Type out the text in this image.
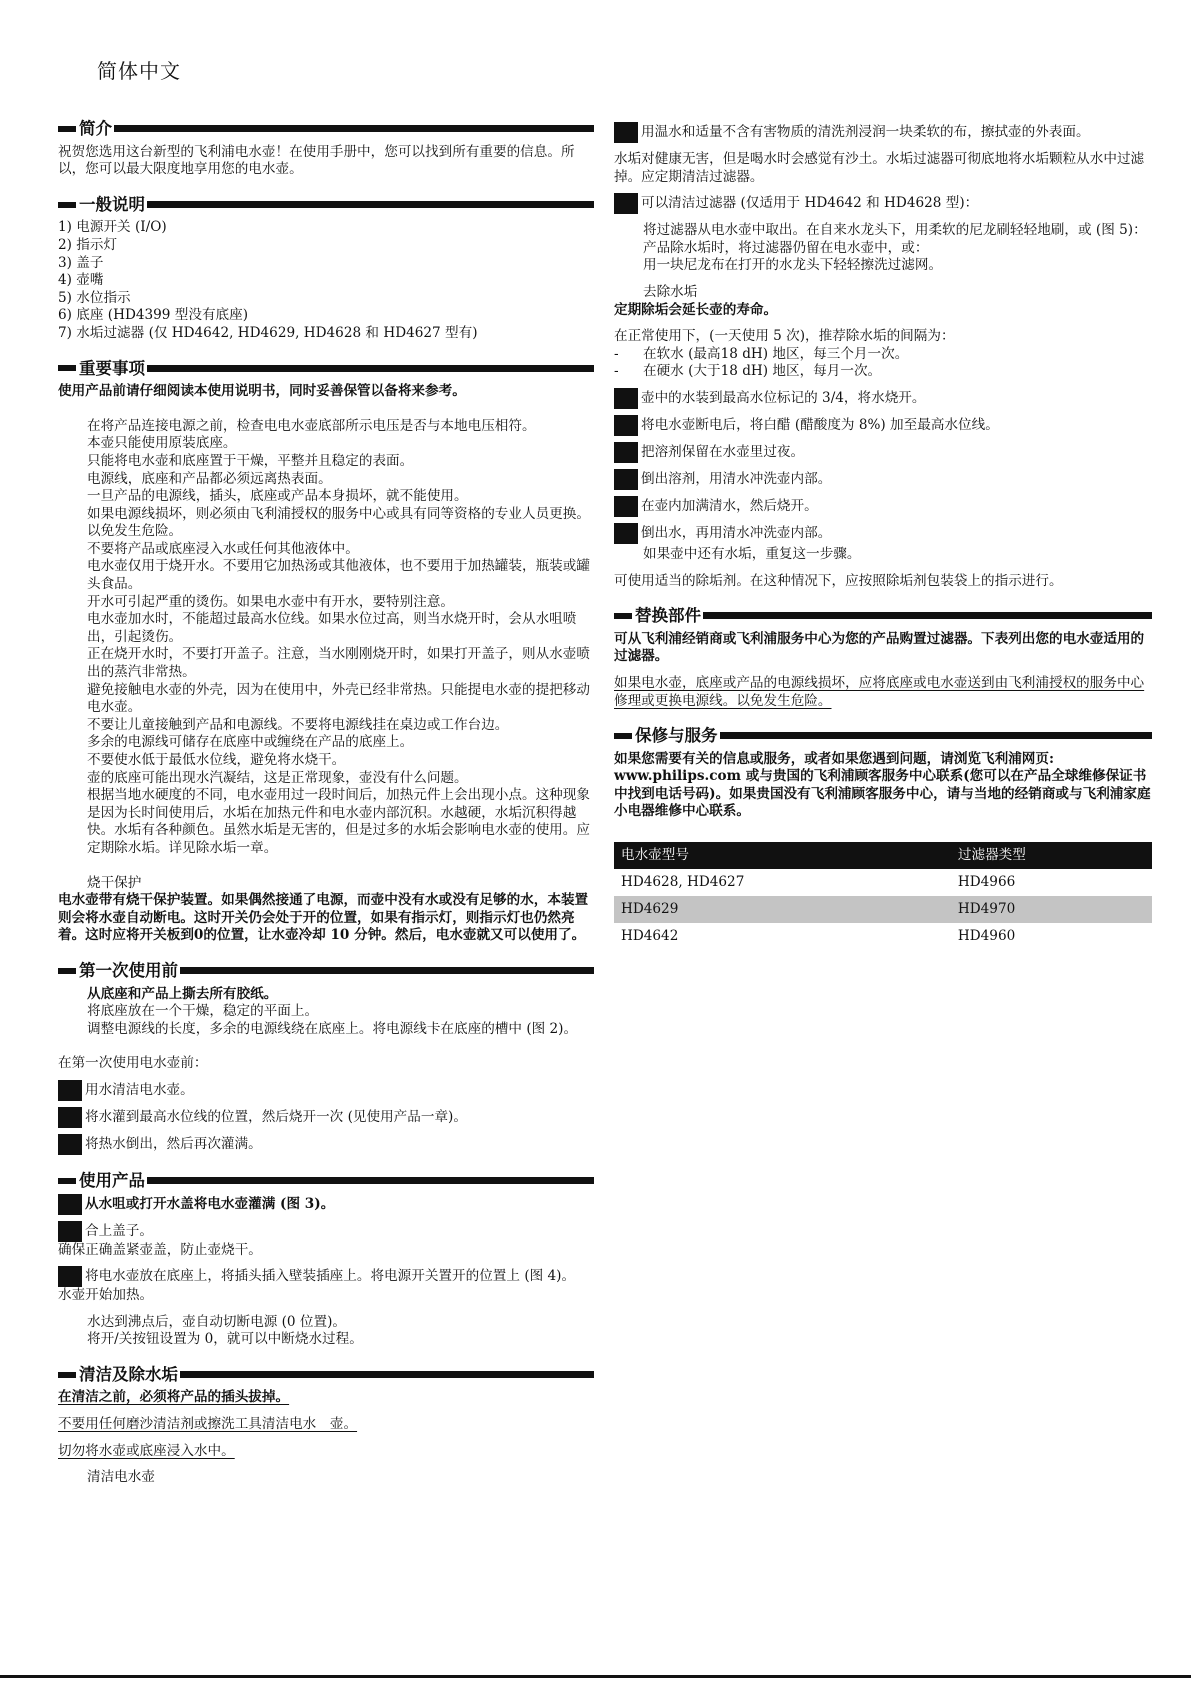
简体中文
简介

祝贺您选用这台新型的飞利浦电水壶！在使用手册中，您可以找到所有重要的信息。所以，您可以最大限度地享用您的电水壶。

一般说明

1) 电源开关 (I/O)

2) 指示灯

3) 盖子

4) 壶嘴

5) 水位指示

6) 底座 (HD4399 型没有底座)

7) 水垢过滤器 (仅 HD4642, HD4629, HD4628 和 HD4627 型有)

重要事项

使用产品前请仔细阅读本使用说明书，同时妥善保管以备将来参考。

在将产品连接电源之前，检查电电水壶底部所示电压是否与本地电压相符。

本壶只能使用原装底座。

只能将电水壶和底座置于干燥，平整并且稳定的表面。

电源线，底座和产品都必须远离热表面。

一旦产品的电源线，插头，底座或产品本身损坏，就不能使用。

如果电源线损坏，则必须由飞利浦授权的服务中心或具有同等资格的专业人员更换。以免发生危险。

不要将产品或底座浸入水或任何其他液体中。

电水壶仅用于烧开水。不要用它加热汤或其他液体，也不要用于加热罐装，瓶装或罐头食品。

开水可引起严重的烫伤。如果电水壶中有开水，要特别注意。

电水壶加水时，不能超过最高水位线。如果水位过高，则当水烧开时，会从水咀喷出，引起烫伤。

正在烧开水时，不要打开盖子。注意，当水刚刚烧开时，如果打开盖子，则从水壶喷出的蒸汽非常热。

避免接触电水壶的外壳，因为在使用中，外壳已经非常热。只能提电水壶的提把移动电水壶。

不要让儿童接触到产品和电源线。不要将电源线挂在桌边或工作台边。

多余的电源线可储存在底座中或缠绕在产品的底座上。

不要使水低于最低水位线，避免将水烧干。

壶的底座可能出现水汽凝结，这是正常现象，壶没有什么问题。

根据当地水硬度的不同，电水壶用过一段时间后，加热元件上会出现小点。这种现象是因为长时间使用后，水垢在加热元件和电水壶内部沉积。水越硬，水垢沉积得越快。水垢有各种颜色。虽然水垢是无害的，但是过多的水垢会影响电水壶的使用。应定期除水垢。详见除水垢一章。

烧干保护

电水壶带有烧干保护装置。如果偶然接通了电源，而壶中没有水或没有足够的水，本装置则会将水壶自动断电。这时开关仍会处于开的位置，如果有指示灯，则指示灯也仍然亮着。这时应将开关板到0的位置，让水壶冷却 10 分钟。然后，电水壶就又可以使用了。

第一次使用前

从底座和产品上撕去所有胶纸。

将底座放在一个干燥，稳定的平面上。

调整电源线的长度，多余的电源线绕在底座上。将电源线卡在底座的槽中 (图 2)。

在第一次使用电水壶前：

用水清洁电水壶。
将水灌到最高水位线的位置，然后烧开一次 (见使用产品一章)。
将热水倒出，然后再次灌满。
使用产品
从水咀或打开水盖将电水壶灌满 (图 3)。
合上盖子。

确保正确盖紧壶盖，防止壶烧干。

将电水壶放在底座上，将插头插入壁装插座上。将电源开关置开的位置上 (图 4)。

水壶开始加热。

水达到沸点后，壶自动切断电源 (0 位置)。

将开/关按钮设置为 0，就可以中断烧水过程。

清洁及除水垢

在清洁之前，必须将产品的插头拔掉。

不要用任何磨沙清洁剂或擦洗工具清洁电水　壶。

切勿将水壶或底座浸入水中。

清洁电水壶

用温水和适量不含有害物质的清洗剂浸润一块柔软的布，擦拭壶的外表面。

水垢对健康无害，但是喝水时会感觉有沙土。水垢过滤器可彻底地将水垢颗粒从水中过滤掉。应定期清洁过滤器。

可以清洁过滤器 (仅适用于 HD4642 和 HD4628 型)：

将过滤器从电水壶中取出。在自来水龙头下，用柔软的尼龙刷轻轻地刷，或 (图 5)：

产品除水垢时，将过滤器仍留在电水壶中，或：

用一块尼龙布在打开的水龙头下轻轻擦洗过滤网。

去除水垢

定期除垢会延长壶的寿命。

在正常使用下，(一天使用 5 次)，推荐除水垢的间隔为：

-	在软水 (最高18 dH) 地区，每三个月一次。
-	在硬水 (大于18 dH) 地区，每月一次。
壶中的水装到最高水位标记的 3/4，将水烧开。
将电水壶断电后，将白醋 (醋酸度为 8%) 加至最高水位线。
把溶剂保留在水壶里过夜。
倒出溶剂，用清水冲洗壶内部。
在壶内加满清水，然后烧开。
倒出水，再用清水冲洗壶内部。

如果壶中还有水垢，重复这一步骤。

可使用适当的除垢剂。在这种情况下，应按照除垢剂包装袋上的指示进行。

替换部件

可从飞利浦经销商或飞利浦服务中心为您的产品购置过滤器。下表列出您的电水壶适用的过滤器。

如果电水壶，底座或产品的电源线损坏，应将底座或电水壶送到由飞利浦授权的服务中心修理或更换电源线。以免发生危险。

保修与服务

如果您需要有关的信息或服务，或者如果您遇到问题，请浏览飞利浦网页: www.philips.com 或与贵国的飞利浦顾客服务中心联系(您可以在产品全球维修保证书中找到电话号码)。如果贵国没有飞利浦顾客服务中心，请与当地的经销商或与飞利浦家庭小电器维修中心联系。

电水壶型号	过滤器类型
HD4628, HD4627	HD4966
HD4629	HD4970
HD4642	HD4960
